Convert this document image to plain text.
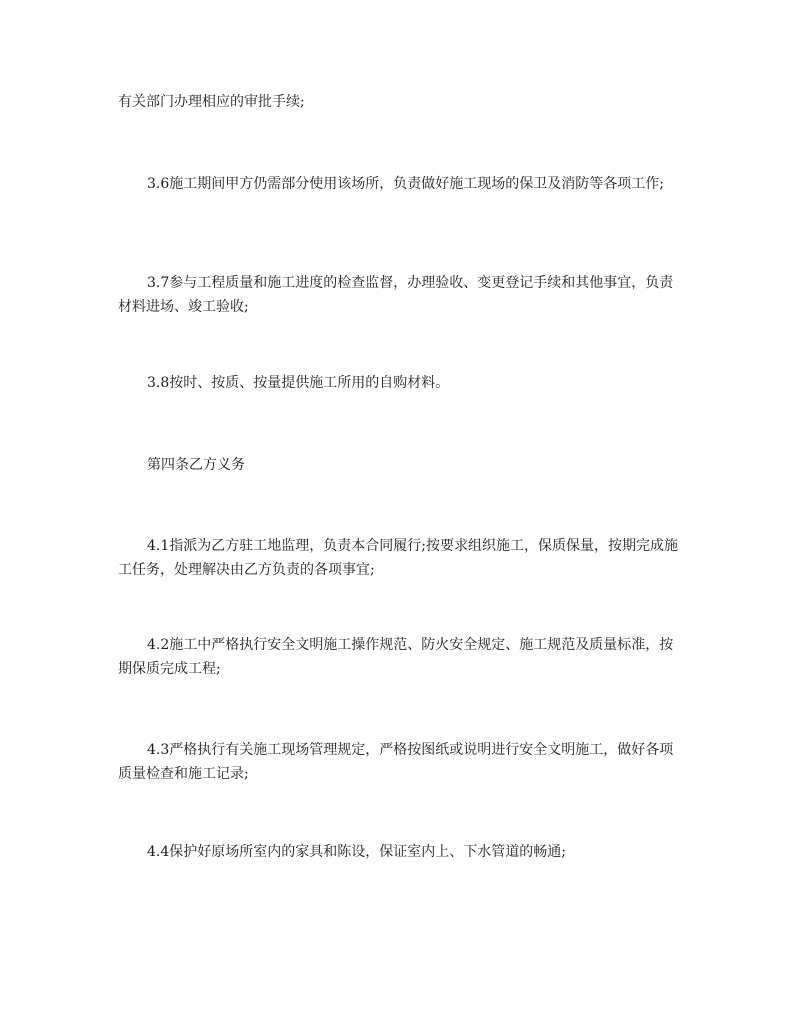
有关部门办理相应的审批手续;

3.6施工期间甲方仍需部分使用该场所，负责做好施工现场的保卫及消防等各项工作;

3.7参与工程质量和施工进度的检查监督，办理验收、变更登记手续和其他事宜，负责材料进场、竣工验收;

3.8按时、按质、按量提供施工所用的自购材料。

第四条乙方义务

4.1指派为乙方驻工地监理，负责本合同履行;按要求组织施工，保质保量，按期完成施工任务，处理解决由乙方负责的各项事宜;

4.2施工中严格执行安全文明施工操作规范、防火安全规定、施工规范及质量标准，按期保质完成工程;

4.3严格执行有关施工现场管理规定，严格按图纸或说明进行安全文明施工，做好各项质量检查和施工记录;

4.4保护好原场所室内的家具和陈设，保证室内上、下水管道的畅通;
